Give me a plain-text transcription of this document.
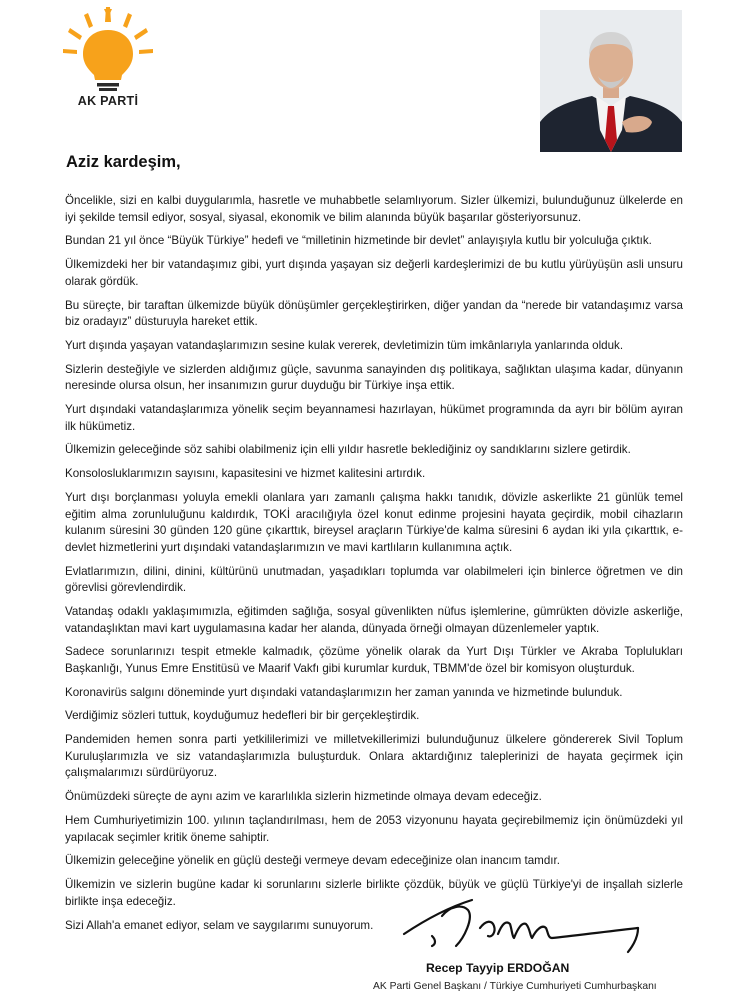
AK PARTİ
Aziz kardeşim,

Öncelikle, sizi en kalbi duygularımla, hasretle ve muhabbetle selamlıyorum. Sizler ülkemizi, bulunduğunuz ülkelerde en iyi şekilde temsil ediyor, sosyal, siyasal, ekonomik ve bilim alanında büyük başarılar gösteriyorsunuz.

Bundan 21 yıl önce “Büyük Türkiye” hedefi ve “milletinin hizmetinde bir devlet” anlayışıyla kutlu bir yolculuğa çıktık.

Ülkemizdeki her bir vatandaşımız gibi, yurt dışında yaşayan siz değerli kardeşlerimizi de bu kutlu yürüyüşün asli unsuru olarak gördük.

Bu süreçte, bir taraftan ülkemizde büyük dönüşümler gerçekleştirirken, diğer yandan da “nerede bir vatandaşımız varsa biz oradayız” düsturuyla hareket ettik.

Yurt dışında yaşayan vatandaşlarımızın sesine kulak vererek, devletimizin tüm imkânlarıyla yanlarında olduk.

Sizlerin desteğiyle ve sizlerden aldığımız güçle, savunma sanayinden dış politikaya, sağlıktan ulaşıma kadar, dünyanın neresinde olursa olsun, her insanımızın gurur duyduğu bir Türkiye inşa ettik.

Yurt dışındaki vatandaşlarımıza yönelik seçim beyannamesi hazırlayan, hükümet programında da ayrı bir bölüm ayıran ilk hükümetiz.

Ülkemizin geleceğinde söz sahibi olabilmeniz için elli yıldır hasretle beklediğiniz oy sandıklarını sizlere getirdik.

Konsolosluklarımızın sayısını, kapasitesini ve hizmet kalitesini artırdık.

Yurt dışı borçlanması yoluyla emekli olanlara yarı zamanlı çalışma hakkı tanıdık, dövizle askerlikte 21 günlük temel eğitim alma zorunluluğunu kaldırdık, TOKİ aracılığıyla özel konut edinme projesini hayata geçirdik, mobil cihazların kulanım süresini 30 günden 120 güne çıkarttık, bireysel araçların Türkiye'de kalma süresini 6 aydan iki yıla çıkarttık, e-devlet hizmetlerini yurt dışındaki vatandaşlarımızın ve mavi kartlıların kullanımına açtık.

Evlatlarımızın, dilini, dinini, kültürünü unutmadan, yaşadıkları toplumda var olabilmeleri için binlerce öğretmen ve din görevlisi görevlendirdik.

Vatandaş odaklı yaklaşımımızla, eğitimden sağlığa, sosyal güvenlikten nüfus işlemlerine, gümrükten dövizle askerliğe, vatandaşlıktan mavi kart uygulamasına kadar her alanda, dünyada örneği olmayan düzenlemeler yaptık.

Sadece sorunlarınızı tespit etmekle kalmadık, çözüme yönelik olarak da Yurt Dışı Türkler ve Akraba Toplulukları Başkanlığı, Yunus Emre Enstitüsü ve Maarif Vakfı gibi kurumlar kurduk, TBMM'de özel bir komisyon oluşturduk.

Koronavirüs salgını döneminde yurt dışındaki vatandaşlarımızın her zaman yanında ve hizmetinde bulunduk.

Verdiğimiz sözleri tuttuk, koyduğumuz hedefleri bir bir gerçekleştirdik.

Pandemiden hemen sonra parti yetkililerimizi ve milletvekillerimizi bulunduğunuz ülkelere göndererek Sivil Toplum Kuruluşlarımızla ve siz vatandaşlarımızla buluşturduk. Onlara aktardığınız taleplerinizi de hayata geçirmek için çalışmalarımızı sürdürüyoruz.

Önümüzdeki süreçte de aynı azim ve kararlılıkla sizlerin hizmetinde olmaya devam edeceğiz.

Hem Cumhuriyetimizin 100. yılının taçlandırılması, hem de 2053 vizyonunu hayata geçirebilmemiz için önümüzdeki yıl yapılacak seçimler kritik öneme sahiptir.

Ülkemizin geleceğine yönelik en güçlü desteği vermeye devam edeceğinize olan inancım tamdır.

Ülkemizin ve sizlerin bugüne kadar ki sorunlarını sizlerle birlikte çözdük, büyük ve güçlü Türkiye'yi de inşallah sizlerle birlikte inşa edeceğiz.

Sizi Allah'a emanet ediyor, selam ve saygılarımı sunuyorum.

Recep Tayyip ERDOĞAN
AK Parti Genel Başkanı / Türkiye Cumhuriyeti Cumhurbaşkanı
